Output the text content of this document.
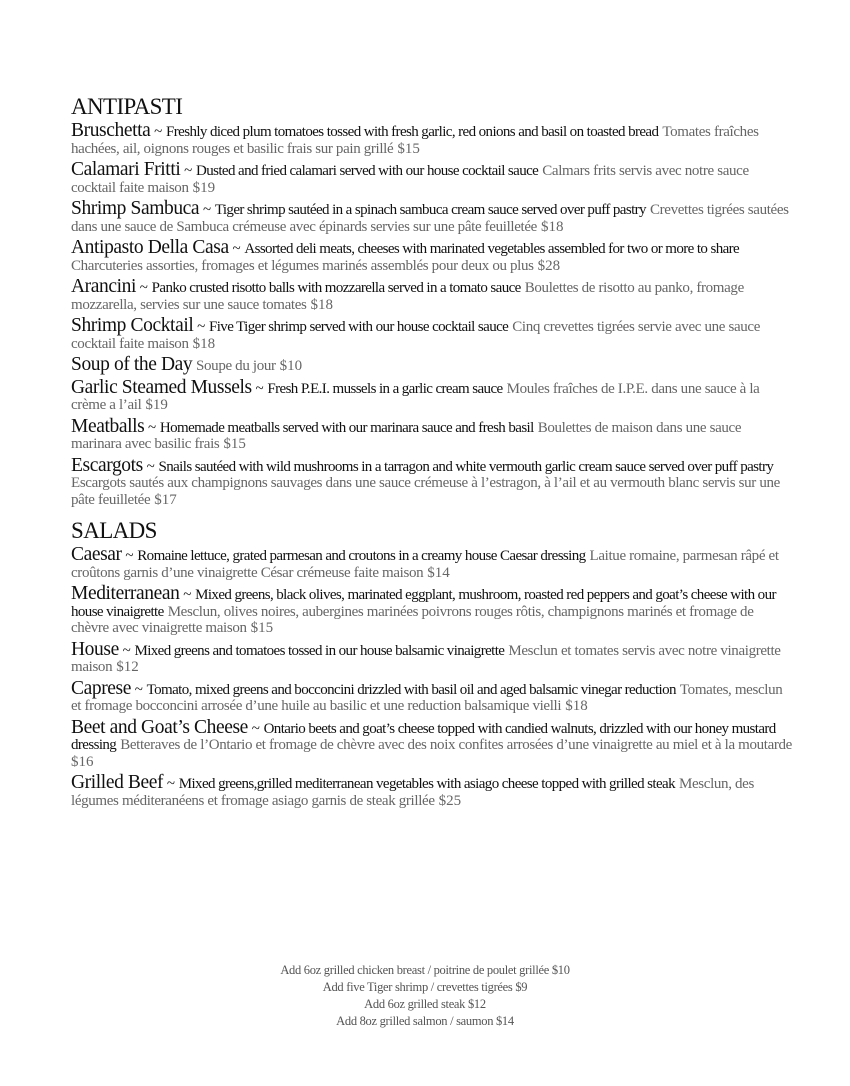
ANTIPASTI
Bruschetta ~ Freshly diced plum tomatoes tossed with fresh garlic, red onions and basil on toasted bread Tomates fraîches hachées, ail, oignons rouges et basilic frais sur pain grillé $15
Calamari Fritti ~ Dusted and fried calamari served with our house cocktail sauce Calmars frits servis avec notre sauce cocktail faite maison $19
Shrimp Sambuca ~ Tiger shrimp sautéed in a spinach sambuca cream sauce served over puff pastry Crevettes tigrées sautées dans une sauce de Sambuca crémeuse avec épinards servies sur une pâte feuilletée $18
Antipasto Della Casa ~ Assorted deli meats, cheeses with marinated vegetables assembled for two or more to share Charcuteries assorties, fromages et légumes marinés assemblés pour deux ou plus $28
Arancini ~ Panko crusted risotto balls with mozzarella served in a tomato sauce Boulettes de risotto au panko, fromage mozzarella, servies sur une sauce tomates $18
Shrimp Cocktail ~ Five Tiger shrimp served with our house cocktail sauce Cinq crevettes tigrées servie avec une sauce cocktail faite maison $18
Soup of the Day Soupe du jour $10
Garlic Steamed Mussels ~ Fresh P.E.I. mussels in a garlic cream sauce Moules fraîches de I.P.E. dans une sauce à la crème a l’ail $19
Meatballs ~ Homemade meatballs served with our marinara sauce and fresh basil Boulettes de maison dans une sauce marinara avec basilic frais $15
Escargots ~ Snails sautéed with wild mushrooms in a tarragon and white vermouth garlic cream sauce served over puff pastry Escargots sautés aux champignons sauvages dans une sauce crémeuse à l’estragon, à l’ail et au vermouth blanc servis sur une pâte feuilletée $17
SALADS
Caesar ~ Romaine lettuce, grated parmesan and croutons in a creamy house Caesar dressing Laitue romaine, parmesan râpé et croûtons garnis d’une vinaigrette César crémeuse faite maison $14
Mediterranean ~ Mixed greens, black olives, marinated eggplant, mushroom, roasted red peppers and goat’s cheese with our house vinaigrette Mesclun, olives noires, aubergines marinées poivrons rouges rôtis, champignons marinés et fromage de chèvre avec vinaigrette maison $15
House ~ Mixed greens and tomatoes tossed in our house balsamic vinaigrette Mesclun et tomates servis avec notre vinaigrette maison $12
Caprese ~ Tomato, mixed greens and bocconcini drizzled with basil oil and aged balsamic vinegar reduction Tomates, mesclun et fromage bocconcini arrosée d’une huile au basilic et une reduction balsamique vielli $18
Beet and Goat’s Cheese ~ Ontario beets and goat’s cheese topped with candied walnuts, drizzled with our honey mustard dressing Betteraves de l’Ontario et fromage de chèvre avec des noix confites arrosées d’une vinaigrette au miel et à la moutarde $16
Grilled Beef ~ Mixed greens,grilled mediterranean vegetables with asiago cheese topped with grilled steak Mesclun, des légumes méditeranéens et fromage asiago garnis de steak grillée $25
Add 6oz grilled chicken breast / poitrine de poulet grillée $10
Add five Tiger shrimp / crevettes tigrées $9
Add 6oz grilled steak $12
Add 8oz grilled salmon / saumon $14
